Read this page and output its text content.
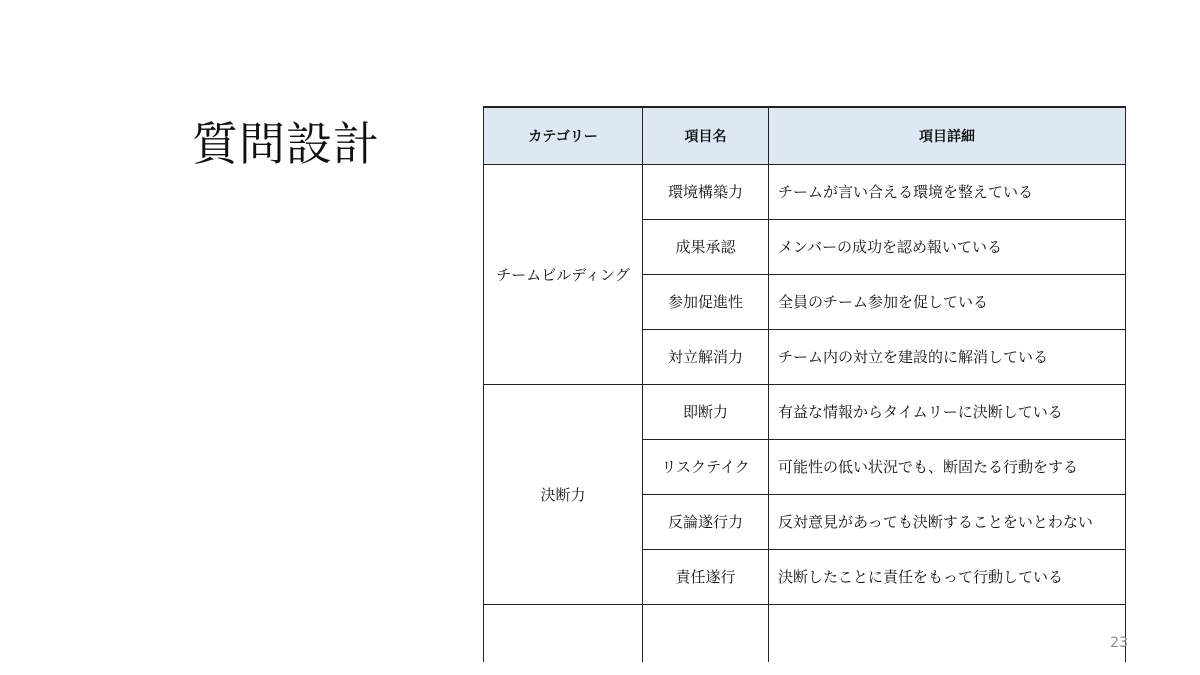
質問設計	カテゴリー	項目名	項目詳細
チームビルディング	環境構築力	チームが言い合える環境を整えている
	成果承認	メンバーの成功を認め報いている
	参加促進性	全員のチーム参加を促している
	対立解消力	チーム内の対立を建設的に解消している
決断力	即断力	有益な情報からタイムリーに決断している
	リスクテイク	可能性の低い状況でも、断固たる行動をする
	反論遂行力	反対意見があっても決断することをいとわない
	責任遂行	決断したことに責任をもって行動している

23
